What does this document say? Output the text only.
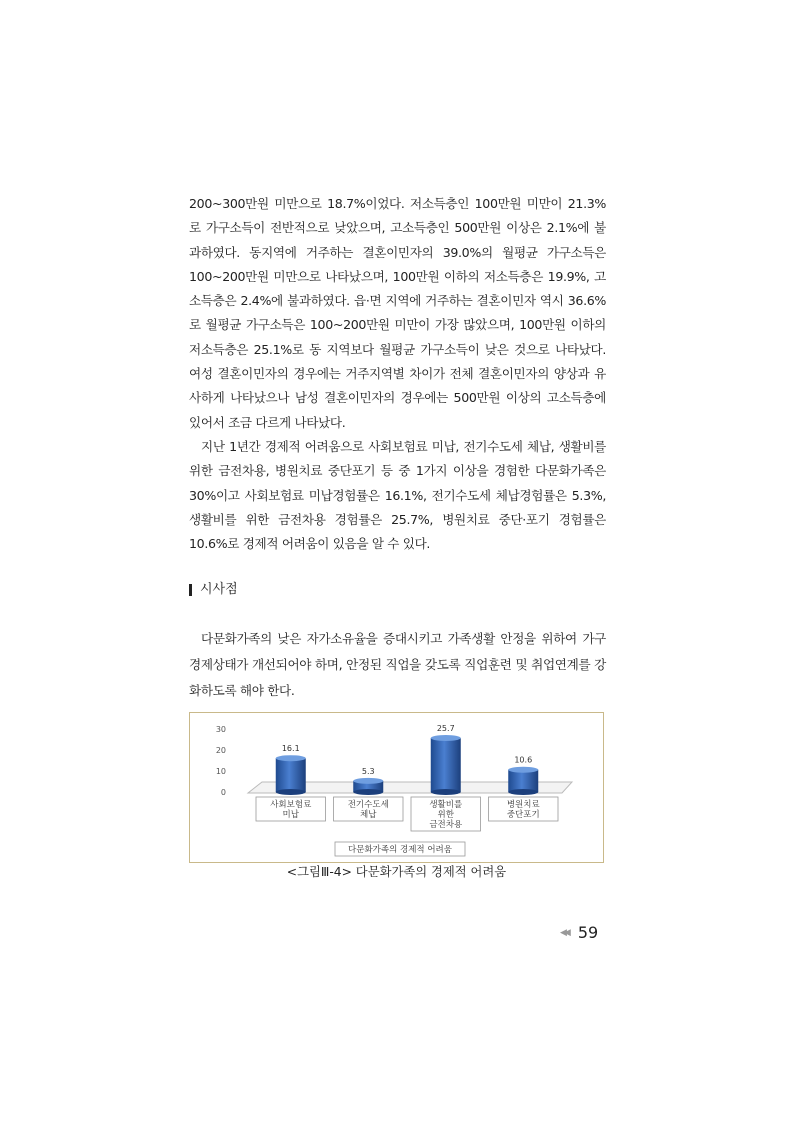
200~300만원 미만으로 18.7%이었다. 저소득층인 100만원 미만이 21.3%로 가구소득이 전반적으로 낮았으며, 고소득층인 500만원 이상은 2.1%에 불과하였다. 동지역에 거주하는 결혼이민자의 39.0%의 월평균 가구소득은 100~200만원 미만으로 나타났으며, 100만원 이하의 저소득층은 19.9%, 고소득층은 2.4%에 불과하였다. 읍·면 지역에 거주하는 결혼이민자 역시 36.6%로 월평균 가구소득은 100~200만원 미만이 가장 많았으며, 100만원 이하의 저소득층은 25.1%로 동 지역보다 월평균 가구소득이 낮은 것으로 나타났다. 여성 결혼이민자의 경우에는 거주지역별 차이가 전체 결혼이민자의 양상과 유사하게 나타났으나 남성 결혼이민자의 경우에는 500만원 이상의 고소득층에 있어서 조금 다르게 나타났다.

지난 1년간 경제적 어려움으로 사회보험료 미납, 전기수도세 체납, 생활비를 위한 금전차용, 병원치료 중단포기 등 중 1가지 이상을 경험한 다문화가족은 30%이고 사회보험료 미납경험률은 16.1%, 전기수도세 체납경험률은 5.3%, 생활비를 위한 금전차용 경험률은 25.7%, 병원치료 중단·포기 경험률은 10.6%로 경제적 어려움이 있음을 알 수 있다.

시사점

다문화가족의 낮은 자가소유율을 증대시키고 가족생활 안정을 위하여 가구 경제상태가 개선되어야 하며, 안정된 직업을 갖도록 직업훈련 및 취업연계를 강화하도록 해야 한다.

0
10
20
30
16.1
사회보험료
미납
5.3
전기수도세
체납
25.7
생활비를
위한
금전차용
10.6
병원치료
중단포기
다문화가족의 경제적 어려움
<그림Ⅲ-4> 다문화가족의 경제적 어려움
◀◀ 59
